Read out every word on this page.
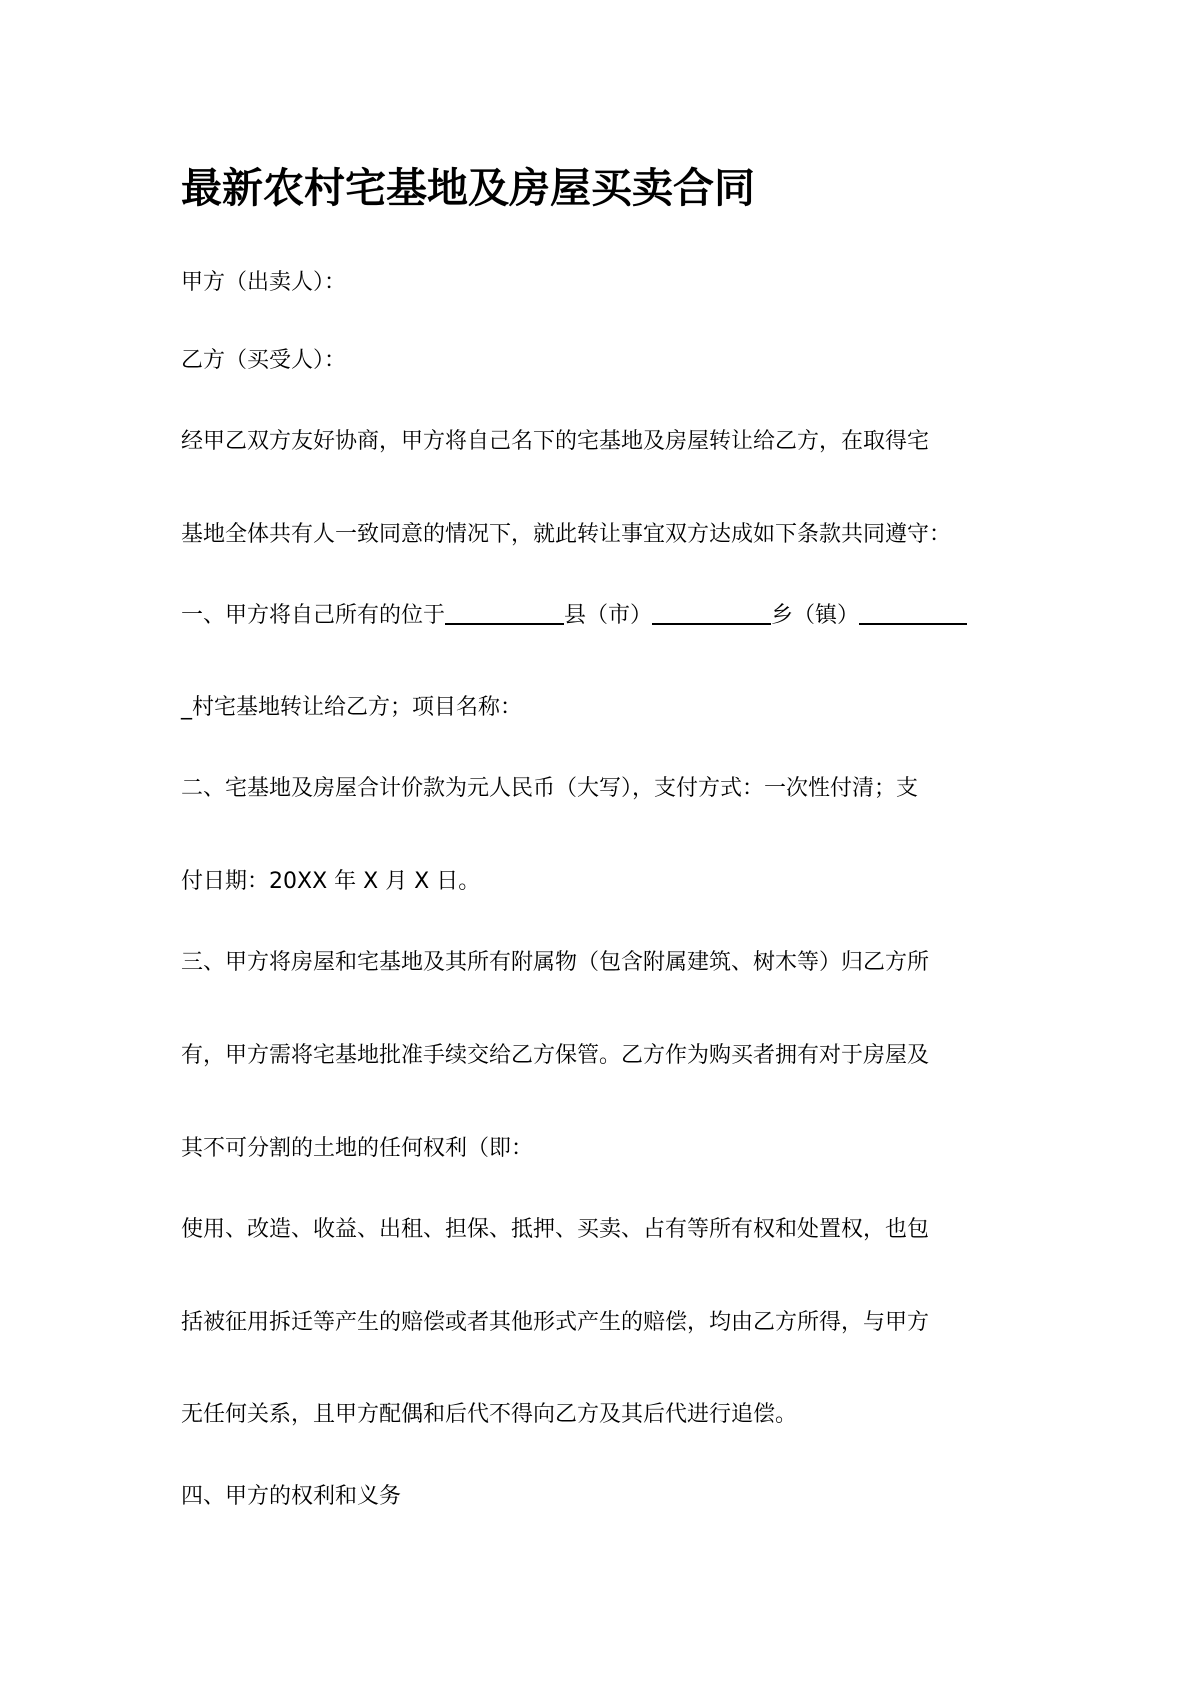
最新农村宅基地及房屋买卖合同

甲方（出卖人）：

乙方（买受人）：

经甲乙双方友好协商，甲方将自己名下的宅基地及房屋转让给乙方，在取得宅

基地全体共有人一致同意的情况下，就此转让事宜双方达成如下条款共同遵守：

一、甲方将自己所有的位于	县（市）	乡（镇）

_村宅基地转让给乙方；项目名称：

二、宅基地及房屋合计价款为元人民币（大写），支付方式：一次性付清；支

付日期：20XX 年 X 月 X 日。

三、甲方将房屋和宅基地及其所有附属物（包含附属建筑、树木等）归乙方所

有，甲方需将宅基地批准手续交给乙方保管。乙方作为购买者拥有对于房屋及

其不可分割的土地的任何权利（即：

使用、改造、收益、出租、担保、抵押、买卖、占有等所有权和处置权，也包

括被征用拆迁等产生的赔偿或者其他形式产生的赔偿，均由乙方所得，与甲方

无任何关系，且甲方配偶和后代不得向乙方及其后代进行追偿。

四、甲方的权利和义务
